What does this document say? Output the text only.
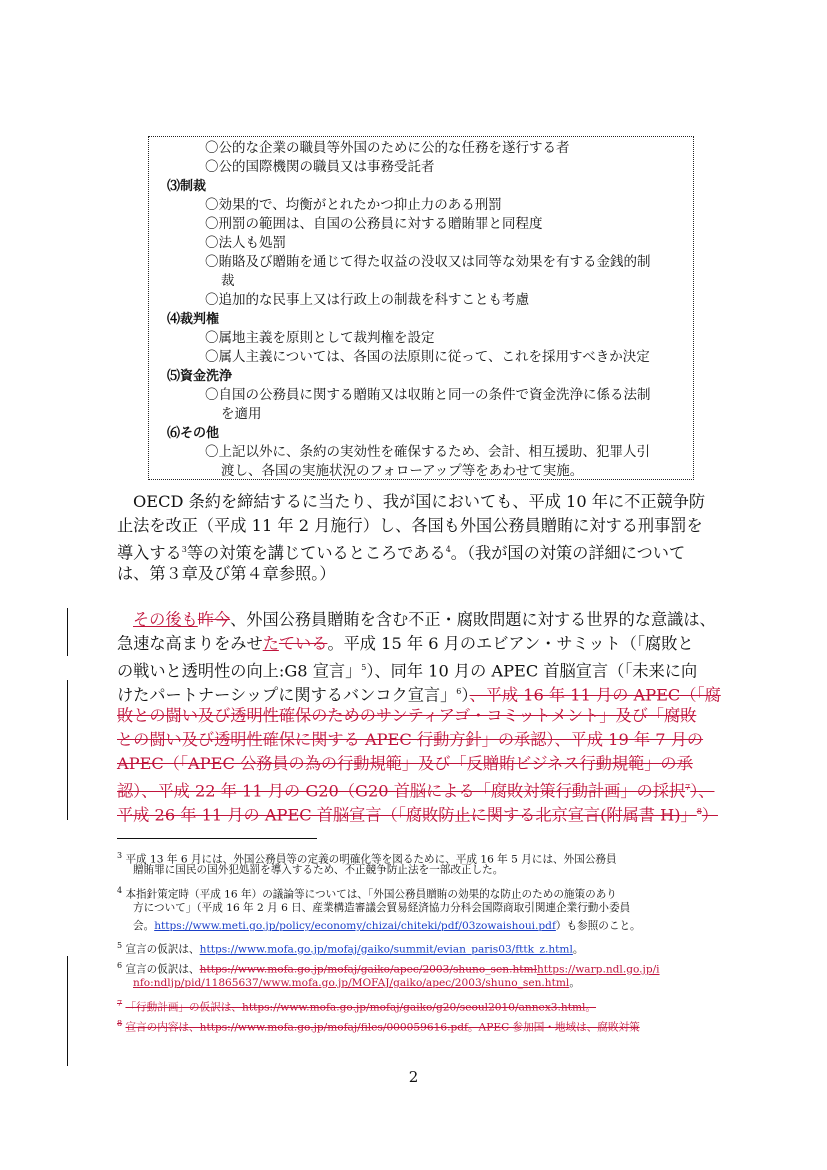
〇公的な企業の職員等外国のために公的な任務を遂行する者
〇公的国際機関の職員又は事務受託者
⑶制裁
〇効果的で、均衡がとれたかつ抑止力のある刑罰
〇刑罰の範囲は、自国の公務員に対する贈賄罪と同程度
〇法人も処罰
〇賄賂及び贈賄を通じて得た収益の没収又は同等な効果を有する金銭的制
裁
〇追加的な民事上又は行政上の制裁を科すことも考慮
⑷裁判権
〇属地主義を原則として裁判権を設定
〇属人主義については、各国の法原則に従って、これを採用すべきか決定
⑸資金洗浄
〇自国の公務員に関する贈賄又は収賄と同一の条件で資金洗浄に係る法制
を適用
⑹その他
〇上記以外に、条約の実効性を確保するため、会計、相互援助、犯罪人引
渡し、各国の実施状況のフォローアップ等をあわせて実施。
OECD 条約を締結するに当たり、我が国においても、平成 10 年に不正競争防
止法を改正（平成 11 年 2 月施行）し、各国も外国公務員贈賄に対する刑事罰を
導入する$^3$等の対策を講じているところである$^4$。（我が国の対策の詳細について
は、第３章及び第４章参照。）
その後も昨今、外国公務員贈賄を含む不正・腐敗問題に対する世界的な意識は、
急速な高まりをみせたている。平成 15 年 6 月のエビアン・サミット（「腐敗と
の戦いと透明性の向上:G8 宣言」$^5$）、同年 10 月の APEC 首脳宣言（「未来に向
けたパートナーシップに関するバンコク宣言」$^6$）、平成 16 年 11 月の APEC（「腐
敗との闘い及び透明性確保のためのサンティアゴ・コミットメント」及び「腐敗
との闘い及び透明性確保に関する APEC 行動方針」の承認）、平成 19 年 7 月の
APEC（「APEC 公務員の為の行動規範」及び「反贈賄ビジネス行動規範」の承
認）、平成 22 年 11 月の G20（G20 首脳による「腐敗対策行動計画」の採択$^7$）、
平成 26 年 11 月の APEC 首脳宣言（「腐敗防止に関する北京宣言(附属書 H)」$^8$）
$^3$ 平成 13 年 6 月には、外国公務員等の定義の明確化等を図るために、平成 16 年 5 月には、外国公務員
贈賄罪に国民の国外犯処罰を導入するため、不正競争防止法を一部改正した。
$^4$ 本指針策定時（平成 16 年）の議論等については、「外国公務員贈賄の効果的な防止のための施策のあり
方について」（平成 16 年 2 月 6 日、産業構造審議会貿易経済協力分科会国際商取引関連企業行動小委員
会。https://www.meti.go.jp/policy/economy/chizai/chiteki/pdf/03zowaishoui.pdf）も参照のこと。
$^5$ 宣言の仮訳は、https://www.mofa.go.jp/mofaj/gaiko/summit/evian_paris03/fttk_z.html。
$^6$ 宣言の仮訳は、https://www.mofa.go.jp/mofaj/gaiko/apec/2003/shuno_sen.htmlhttps://warp.ndl.go.jp/i
nfo:ndljp/pid/11865637/www.mofa.go.jp/MOFAJ/gaiko/apec/2003/shuno_sen.html。
$^7$ 「行動計画」の仮訳は、https://www.mofa.go.jp/mofaj/gaiko/g20/seoul2010/annex3.html。
$^8$ 宣言の内容は、https://www.mofa.go.jp/mofaj/files/000059616.pdf。APEC 参加国・地域は、腐敗対策
2
